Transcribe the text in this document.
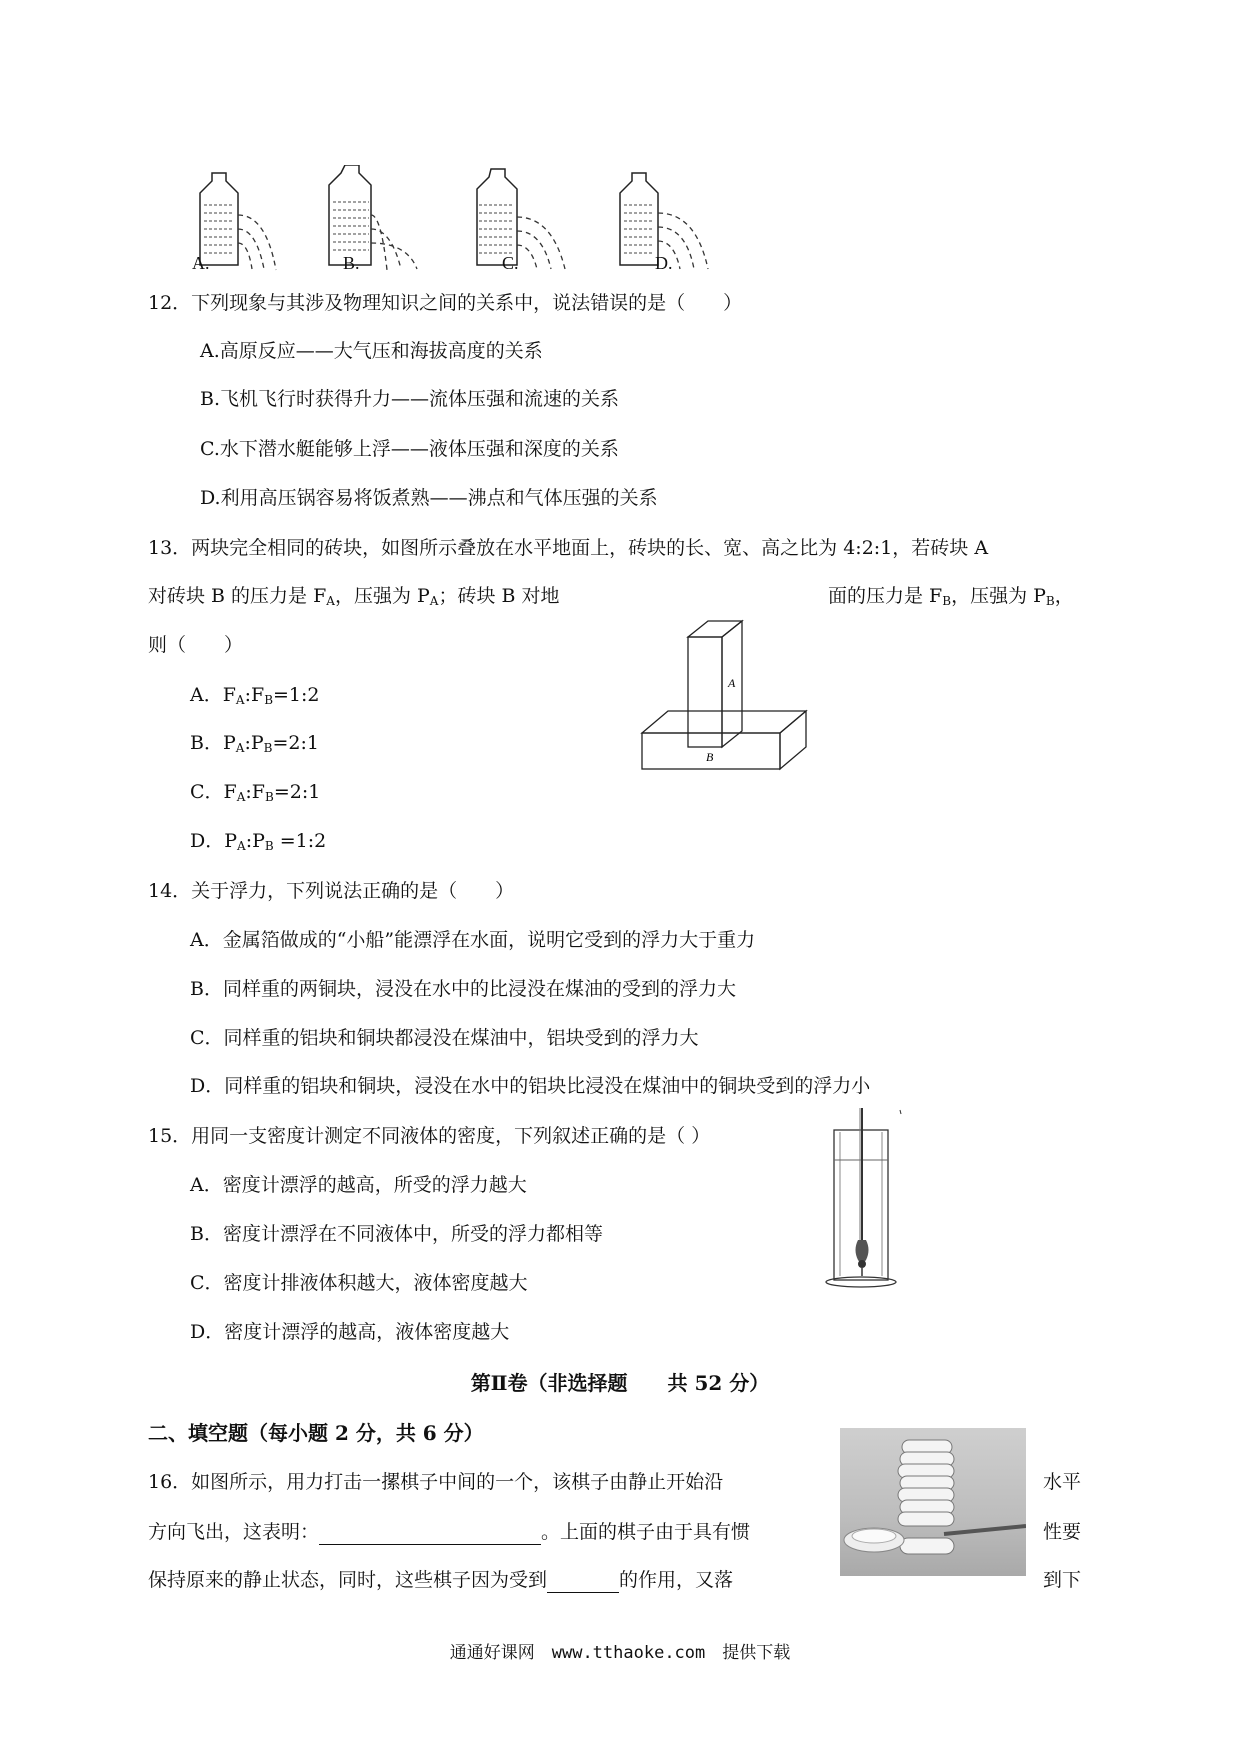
A.	B.	C.	D.
12．下列现象与其涉及物理知识之间的关系中，说法错误的是（　　）
A.高原反应——大气压和海拔高度的关系
B.飞机飞行时获得升力——流体压强和流速的关系
C.水下潜水艇能够上浮——液体压强和深度的关系
D.利用高压锅容易将饭煮熟——沸点和气体压强的关系
13．两块完全相同的砖块，如图所示叠放在水平地面上，砖块的长、宽、高之比为 4:2:1，若砖块 A
对砖块 B 的压力是 $F_A$，压强为 $P_A$；砖块 B 对地	面的压力是 $F_B$，压强为 $P_B$，
则（　　）
A．$F_A:F_B=1:2$
B．$P_A:P_B=2:1$
C．$F_A:F_B=2:1$
D．$P_A:P_B$ =1:2
A
B
14．关于浮力，下列说法正确的是（　　）
A．金属箔做成的“小船”能漂浮在水面，说明它受到的浮力大于重力
B．同样重的两铜块，浸没在水中的比浸没在煤油的受到的浮力大
C．同样重的铝块和铜块都浸没在煤油中，铝块受到的浮力大
D．同样重的铝块和铜块，浸没在水中的铝块比浸没在煤油中的铜块受到的浮力小
15．用同一支密度计测定不同液体的密度，下列叙述正确的是（ ）
A．密度计漂浮的越高，所受的浮力越大
B．密度计漂浮在不同液体中，所受的浮力都相等
C．密度计排液体积越大，液体密度越大
D．密度计漂浮的越高，液体密度越大
第Ⅱ卷（非选择题　　共 52 分）
二、填空题（每小题 2 分，共 6 分）
16．如图所示，用力打击一摞棋子中间的一个，该棋子由静止开始沿	水平
方向飞出，这表明：	。上面的棋子由于具有惯	性要
保持原来的静止状态，同时，这些棋子因为受到	的作用，又落	到下
通通好课网　www.tthaoke.com　提供下载
